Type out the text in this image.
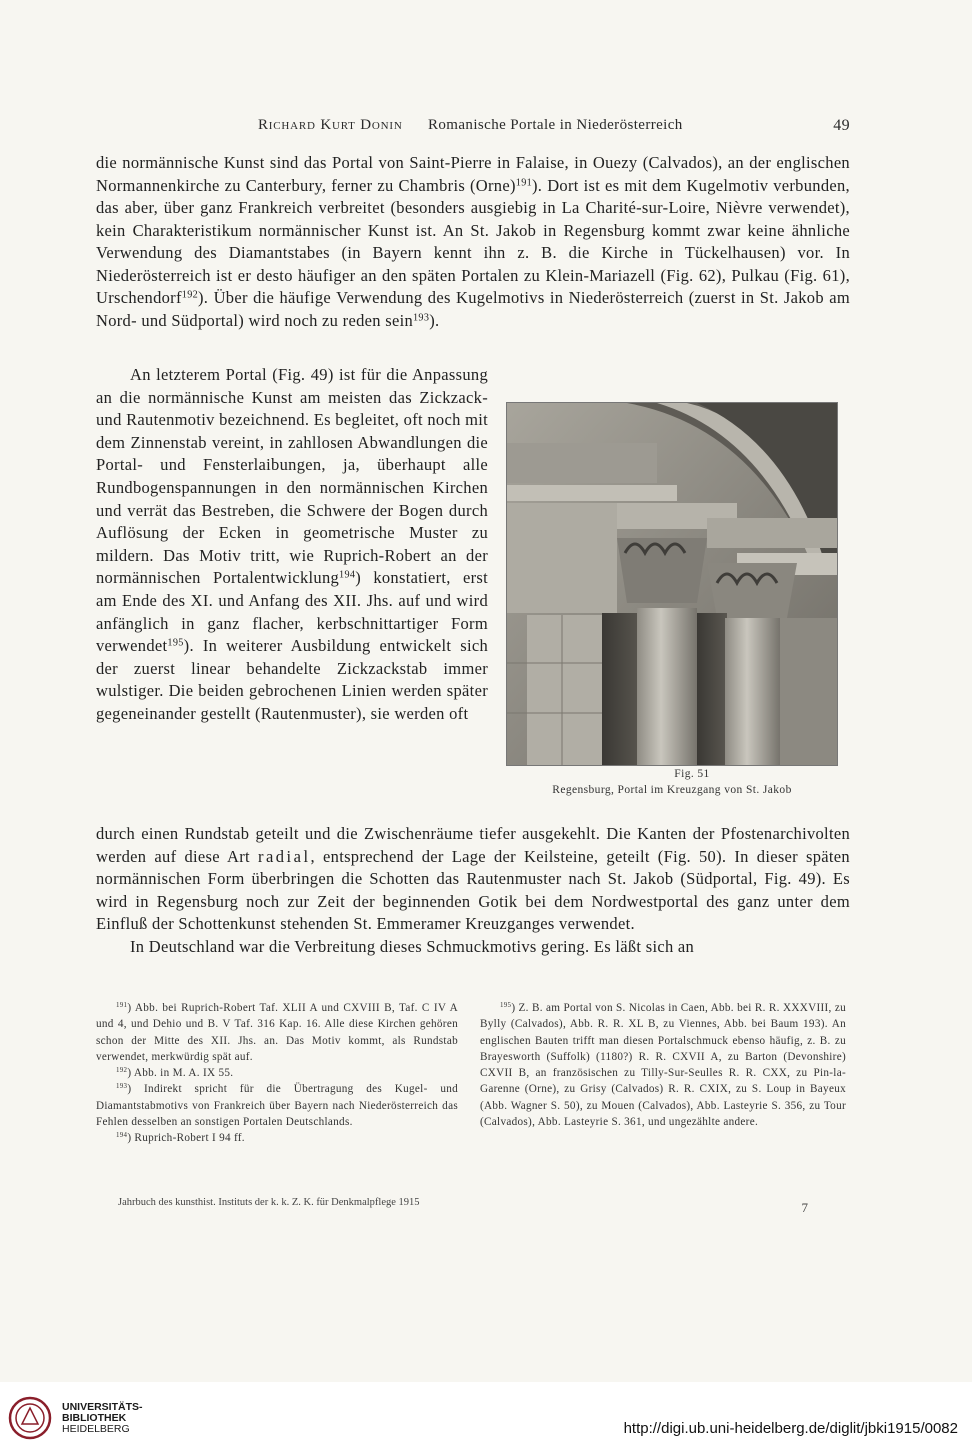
Richard Kurt Donin Romanische Portale in Niederösterreich	49

die normännische Kunst sind das Portal von Saint-Pierre in Falaise, in Ouezy (Calvados), an der englischen Normannenkirche zu Canterbury, ferner zu Chambris (Orne)$^{191}$). Dort ist es mit dem Kugelmotiv verbunden, das aber, über ganz Frankreich verbreitet (besonders ausgiebig in La Charité-sur-Loire, Nièvre verwendet), kein Charakteristikum normännischer Kunst ist. An St. Jakob in Regensburg kommt zwar keine ähnliche Verwendung des Diamantstabes (in Bayern kennt ihn z. B. die Kirche in Tückelhausen) vor. In Niederösterreich ist er desto häufiger an den späten Portalen zu Klein-Mariazell (Fig. 62), Pulkau (Fig. 61), Urschendorf$^{192}$). Über die häufige Verwendung des Kugelmotivs in Niederösterreich (zuerst in St. Jakob am Nord- und Südportal) wird noch zu reden sein$^{193}$).

An letzterem Portal (Fig. 49) ist für die Anpassung an die normännische Kunst am meisten das Zickzack- und Rautenmotiv bezeichnend. Es begleitet, oft noch mit dem Zinnenstab vereint, in zahllosen Abwandlungen die Portal- und Fensterlaibungen, ja, überhaupt alle Rundbogenspannungen in den normännischen Kirchen und verrät das Bestreben, die Schwere der Bogen durch Auflösung der Ecken in geometrische Muster zu mildern. Das Motiv tritt, wie Ruprich-Robert an der normännischen Portalentwicklung$^{194}$) konstatiert, erst am Ende des XI. und Anfang des XII. Jhs. auf und wird anfänglich in ganz flacher, kerbschnittartiger Form verwendet$^{195}$). In weiterer Ausbildung entwickelt sich der zuerst linear behandelte Zickzackstab immer wulstiger. Die beiden gebrochenen Linien werden später gegeneinander gestellt (Rautenmuster), sie werden oft

Fig. 51
Regensburg, Portal im Kreuzgang von St. Jakob

durch einen Rundstab geteilt und die Zwischenräume tiefer ausgekehlt. Die Kanten der Pfostenarchivolten werden auf diese Art radial, entsprechend der Lage der Keilsteine, geteilt (Fig. 50). In dieser späten normännischen Form überbringen die Schotten das Rautenmuster nach St. Jakob (Südportal, Fig. 49). Es wird in Regensburg noch zur Zeit der beginnenden Gotik bei dem Nordwestportal des ganz unter dem Einfluß der Schottenkunst stehenden St. Emmeramer Kreuzganges verwendet.

In Deutschland war die Verbreitung dieses Schmuckmotivs gering. Es läßt sich an

$^{191}$) Abb. bei Ruprich-Robert Taf. XLII A und CXVIII B, Taf. C IV A und 4, und Dehio und B. V Taf. 316 Kap. 16. Alle diese Kirchen gehören schon der Mitte des XII. Jhs. an. Das Motiv kommt, als Rundstab verwendet, merkwürdig spät auf.

$^{192}$) Abb. in M. A. IX 55.

$^{193}$) Indirekt spricht für die Übertragung des Kugel- und Diamantstabmotivs von Frankreich über Bayern nach Niederösterreich das Fehlen desselben an sonstigen Portalen Deutschlands.

$^{194}$) Ruprich-Robert I 94 ff.

$^{195}$) Z. B. am Portal von S. Nicolas in Caen, Abb. bei R. R. XXXVIII, zu Bylly (Calvados), Abb. R. R. XL B, zu Viennes, Abb. bei Baum 193). An englischen Bauten trifft man diesen Portalschmuck ebenso häufig, z. B. zu Brayesworth (Suffolk) (1180?) R. R. CXVII A, zu Barton (Devonshire) CXVII B, an französischen zu Tilly-Sur-Seulles R. R. CXX, zu Pin-la-Garenne (Orne), zu Grisy (Calvados) R. R. CXIX, zu S. Loup in Bayeux (Abb. Wagner S. 50), zu Mouen (Calvados), Abb. Lasteyrie S. 356, zu Tour (Calvados), Abb. Lasteyrie S. 361, und ungezählte andere.

Jahrbuch des kunsthist. Instituts der k. k. Z. K. für Denkmalpflege 1915	7
UNIVERSITÄTS-
BIBLIOTHEK
HEIDELBERG	http://digi.ub.uni-heidelberg.de/diglit/jbki1915/0082
